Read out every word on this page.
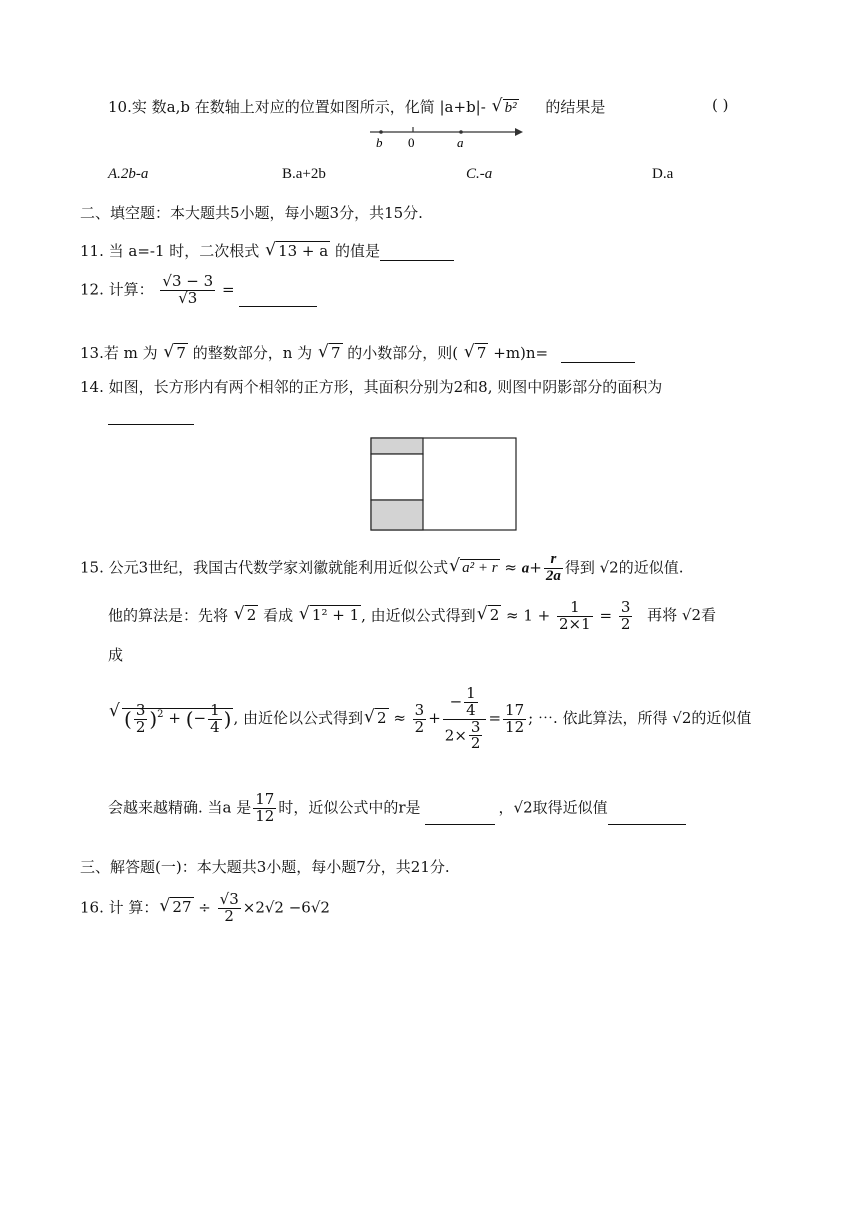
10.实 数a,b 在数轴上对应的位置如图所示，化简 |a+b|- √ b² 的结果是	( )
b 0	a
A.2b-a	B.a+2b	C.-a	D.a
二、填空题：本大题共5小题，每小题3分，共15分.
11. 当 a=-1 时，二次根式 √ 13 + a 的值是
12. 计算： $\frac{√3 - 3}{√3}$ =
13.若 m 为 √ 7 的整数部分，n 为 √ 7 的小数部分，则( √ 7 +m)n=
14. 如图，长方形内有两个相邻的正方形，其面积分别为2和8, 则图中阴影部分的面积为
15. 公元3世纪，我国古代数学家刘徽就能利用近似公式 √ $a^2 + r \approx a+ \frac{r}{2a}$ 得到 √2的近似值.
他的算法是：先将 √ 2 看成 √ 1² + 1 , 由近似公式得到 √ $2 \approx 1 + \frac{1}{2\times 1} = \frac{3}{2}$ 再将 √2看
成
√ ( $\frac{3}{2} )^2$ + (− $\frac{1}{4}$ ) , 由近伦以公式得到 √ $2 \approx \frac{3}{2} + \frac{- \frac{1}{4}}{2\times \frac{3}{2}} = \frac{17}{12}$ ; ⋯. 依此算法，所得 √2的近似值
会越来越精确. 当a 是 $\frac{17}{12}$ 时，近似公式中的r是	，√2取得近似值
三、解答题(一)：本大题共3小题，每小题7分，共21分.
16. 计 算： √ $27 \div \frac{√3}{2} \times 2√2 -6√2$
